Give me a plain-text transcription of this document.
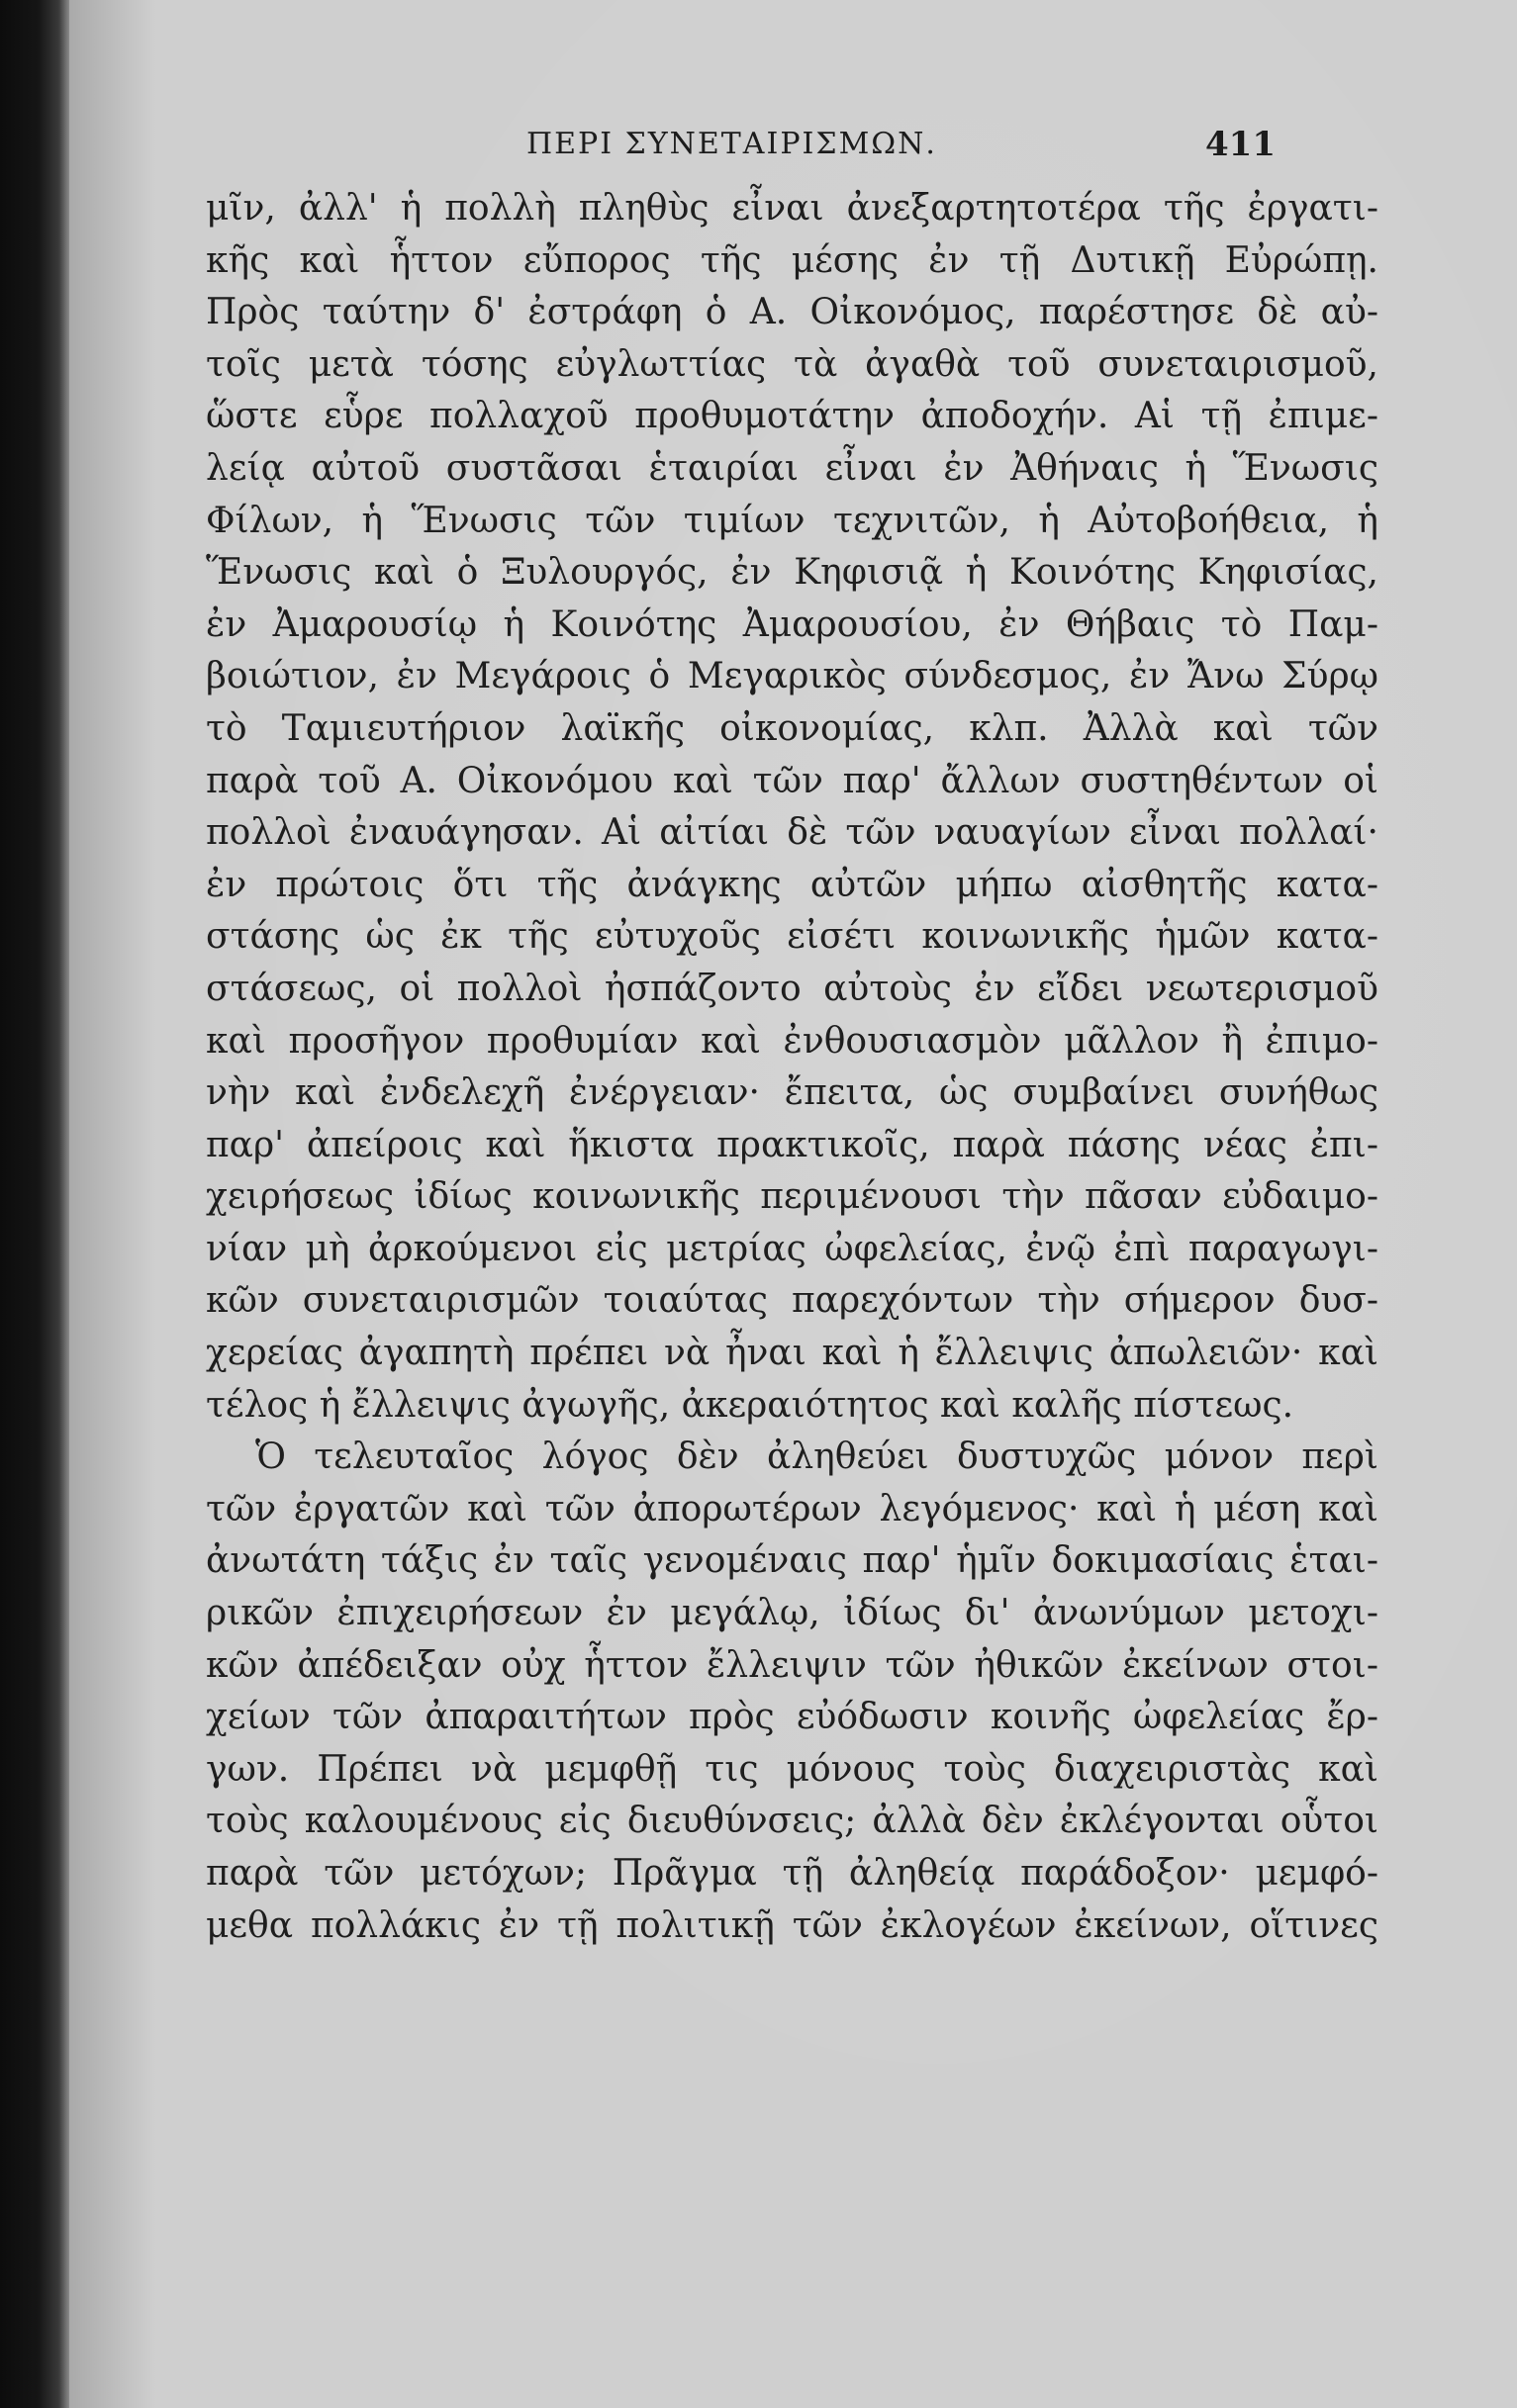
ΠΕΡΙ ΣΥΝΕΤΑΙΡΙΣΜΩΝ.	411
μῖν, ἀλλ' ἡ πολλὴ πληθὺς εἶναι ἀνεξαρτητοτέρα τῆς ἐργατι-
κῆς καὶ ἧττον εὔπορος τῆς μέσης ἐν τῇ Δυτικῇ Εὐρώπῃ.
Πρὸς ταύτην δ' ἐστράφη ὁ Α. Οἰκονόμος, παρέστησε δὲ αὐ-
τοῖς μετὰ τόσης εὐγλωττίας τὰ ἀγαθὰ τοῦ συνεταιρισμοῦ,
ὥστε εὗρε πολλαχοῦ προθυμοτάτην ἀποδοχήν. Αἱ τῇ ἐπιμε-
λείᾳ αὐτοῦ συστᾶσαι ἑταιρίαι εἶναι ἐν Ἀθήναις ἡ Ἕνωσις
Φίλων, ἡ Ἕνωσις τῶν τιμίων τεχνιτῶν, ἡ Αὐτοβοήθεια, ἡ
Ἕνωσις καὶ ὁ Ξυλουργός, ἐν Κηφισιᾷ ἡ Κοινότης Κηφισίας,
ἐν Ἀμαρουσίῳ ἡ Κοινότης Ἀμαρουσίου, ἐν Θήβαις τὸ Παμ-
βοιώτιον, ἐν Μεγάροις ὁ Μεγαρικὸς σύνδεσμος, ἐν Ἄνω Σύρῳ
τὸ Ταμιευτήριον λαϊκῆς οἰκονομίας, κλπ. Ἀλλὰ καὶ τῶν
παρὰ τοῦ Α. Οἰκονόμου καὶ τῶν παρ' ἄλλων συστηθέντων οἱ
πολλοὶ ἐναυάγησαν. Αἱ αἰτίαι δὲ τῶν ναυαγίων εἶναι πολλαί·
ἐν πρώτοις ὅτι τῆς ἀνάγκης αὐτῶν μήπω αἰσθητῆς κατα-
στάσης ὡς ἐκ τῆς εὐτυχοῦς εἰσέτι κοινωνικῆς ἡμῶν κατα-
στάσεως, οἱ πολλοὶ ἠσπάζοντο αὐτοὺς ἐν εἴδει νεωτερισμοῦ
καὶ προσῆγον προθυμίαν καὶ ἐνθουσιασμὸν μᾶλλον ἢ ἐπιμο-
νὴν καὶ ἐνδελεχῆ ἐνέργειαν· ἔπειτα, ὡς συμβαίνει συνήθως
παρ' ἀπείροις καὶ ἥκιστα πρακτικοῖς, παρὰ πάσης νέας ἐπι-
χειρήσεως ἰδίως κοινωνικῆς περιμένουσι τὴν πᾶσαν εὐδαιμο-
νίαν μὴ ἀρκούμενοι εἰς μετρίας ὠφελείας, ἐνῷ ἐπὶ παραγωγι-
κῶν συνεταιρισμῶν τοιαύτας παρεχόντων τὴν σήμερον δυσ-
χερείας ἀγαπητὴ πρέπει νὰ ἦναι καὶ ἡ ἔλλειψις ἀπωλειῶν· καὶ
τέλος ἡ ἔλλειψις ἀγωγῆς, ἀκεραιότητος καὶ καλῆς πίστεως.
Ὁ τελευταῖος λόγος δὲν ἀληθεύει δυστυχῶς μόνον περὶ
τῶν ἐργατῶν καὶ τῶν ἀπορωτέρων λεγόμενος· καὶ ἡ μέση καὶ
ἀνωτάτη τάξις ἐν ταῖς γενομέναις παρ' ἡμῖν δοκιμασίαις ἑται-
ρικῶν ἐπιχειρήσεων ἐν μεγάλῳ, ἰδίως δι' ἀνωνύμων μετοχι-
κῶν ἀπέδειξαν οὐχ ἧττον ἔλλειψιν τῶν ἠθικῶν ἐκείνων στοι-
χείων τῶν ἀπαραιτήτων πρὸς εὐόδωσιν κοινῆς ὠφελείας ἔρ-
γων. Πρέπει νὰ μεμφθῇ τις μόνους τοὺς διαχειριστὰς καὶ
τοὺς καλουμένους εἰς διευθύνσεις; ἀλλὰ δὲν ἐκλέγονται οὗτοι
παρὰ τῶν μετόχων; Πρᾶγμα τῇ ἀληθείᾳ παράδοξον· μεμφό-
μεθα πολλάκις ἐν τῇ πολιτικῇ τῶν ἐκλογέων ἐκείνων, οἵτινες
